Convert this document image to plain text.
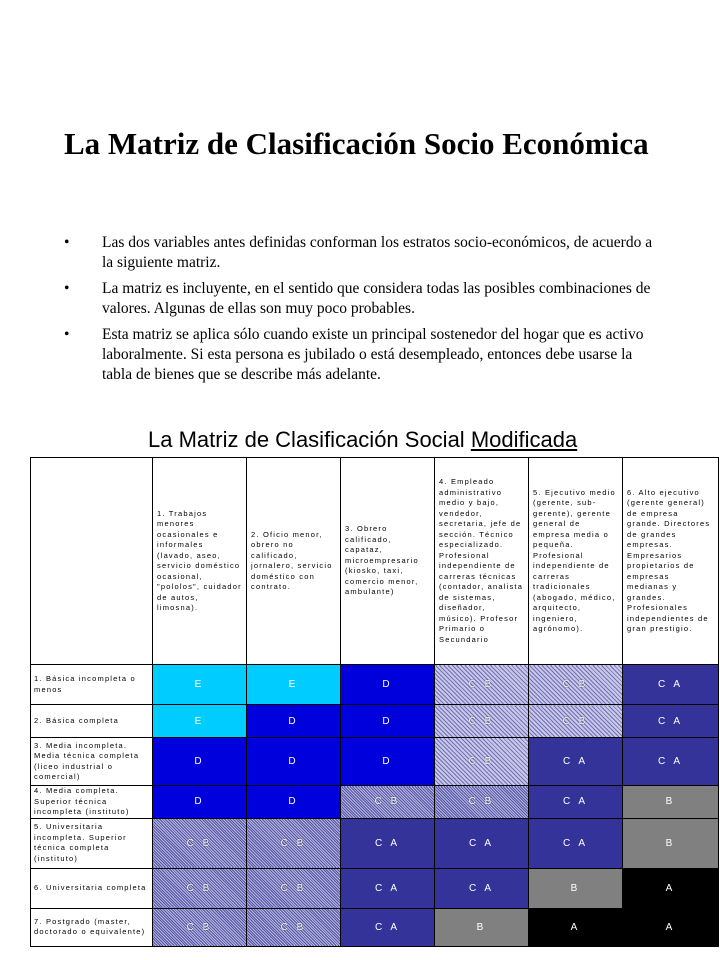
La Matriz de Clasificación Socio Económica
• Las dos variables antes definidas conforman los estratos socio-económicos, de acuerdo a la siguiente matriz.
• La matriz es incluyente, en el sentido que considera todas las posibles combinaciones de valores. Algunas de ellas son muy poco probables.
• Esta matriz se aplica sólo cuando existe un principal sostenedor del hogar que es activo laboralmente. Si esta persona es jubilado o está desempleado, entonces debe usarse la tabla de bienes que se describe más adelante.
La Matriz de Clasificación Social Modificada

	1. Trabajos menores ocasionales e informales (lavado, aseo, servicio doméstico ocasional, "pololos", cuidador de autos, limosna).	2. Oficio menor, obrero no calificado, jornalero, servicio doméstico con contrato.	3. Obrero calificado, capataz, microempresario (kiosko, taxi, comercio menor, ambulante)	4. Empleado administrativo medio y bajo, vendedor, secretaria, jefe de sección. Técnico especializado. Profesional independiente de carreras técnicas (contador, analista de sistemas, diseñador, músico). Profesor Primario o Secundario	5. Ejecutivo medio (gerente, sub-gerente), gerente general de empresa media o pequeña. Profesional independiente de carreras tradicionales (abogado, médico, arquitecto, ingeniero, agrónomo).	6. Alto ejecutivo (gerente general) de empresa grande. Directores de grandes empresas. Empresarios propietarios de empresas medianas y grandes. Profesionales independientes de gran prestigio.

1. Básica incompleta o menos	E	E	D	C B	C B	C A
2. Básica completa	E	D	D	C B	C B	C A
3. Media incompleta. Media técnica completa (liceo industrial o comercial)	D	D	D	C B	C A	C A
4. Media completa. Superior técnica incompleta (instituto)	D	D	C B	C B	C A	B
5. Universitaria incompleta. Superior técnica completa (instituto)	C B	C B	C A	C A	C A	B
6. Universitaria completa	C B	C B	C A	C A	B	A
7. Postgrado (master, doctorado o equivalente)	C B	C B	C A	B	A	A
